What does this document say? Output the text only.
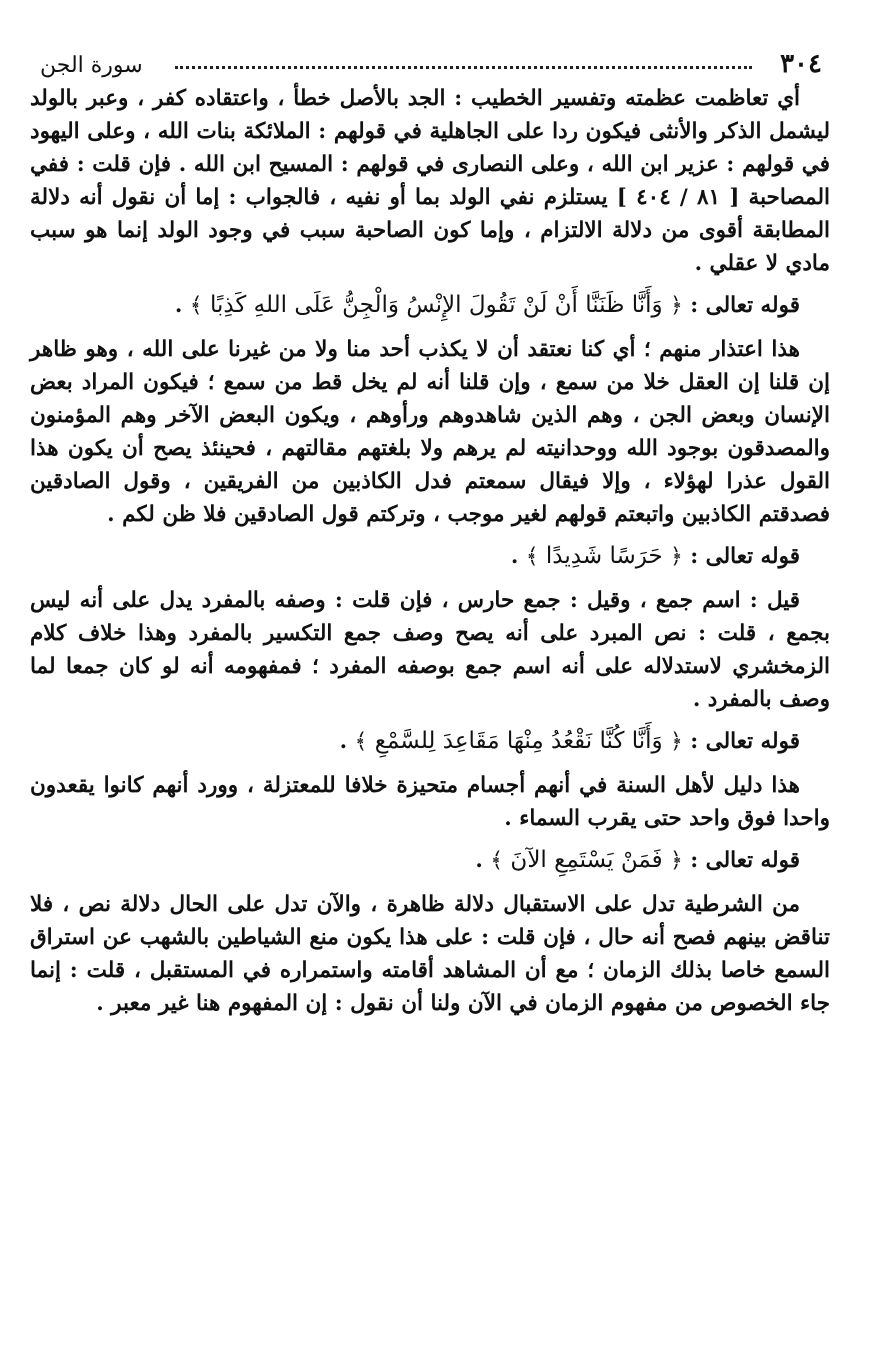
٣٠٤
سورة الجن

أي تعاظمت عظمته وتفسير الخطيب : الجد بالأصل خطأ ، واعتقاده كفر ، وعبر بالولد ليشمل الذكر والأنثى فيكون ردا على الجاهلية في قولهم : الملائكة بنات الله ، وعلى اليهود في قولهم : عزير ابن الله ، وعلى النصارى في قولهم : المسيح ابن الله . فإن قلت : ففي المصاحبة [ ٨١ / ٤٠٤ ] يستلزم نفي الولد بما أو نفيه ، فالجواب : إما أن نقول أنه دلالة المطابقة أقوى من دلالة الالتزام ، وإما كون الصاحبة سبب في وجود الولد إنما هو سبب مادي لا عقلي .

قوله تعالى : ﴿ وَأَنَّا ظَنَنَّا أَنْ لَنْ تَقُولَ الإِنْسُ وَالْجِنُّ عَلَى اللهِ كَذِبًا ﴾ .

هذا اعتذار منهم ؛ أي كنا نعتقد أن لا يكذب أحد منا ولا من غيرنا على الله ، وهو ظاهر إن قلنا إن العقل خلا من سمع ، وإن قلنا أنه لم يخل قط من سمع ؛ فيكون المراد بعض الإنسان وبعض الجن ، وهم الذين شاهدوهم ورأوهم ، ويكون البعض الآخر وهم المؤمنون والمصدقون بوجود الله ووحدانيته لم يرهم ولا بلغتهم مقالتهم ، فحينئذ يصح أن يكون هذا القول عذرا لهؤلاء ، وإلا فيقال سمعتم فدل الكاذبين من الفريقين ، وقول الصادقين فصدقتم الكاذبين واتبعتم قولهم لغير موجب ، وتركتم قول الصادقين فلا ظن لكم .

قوله تعالى : ﴿ حَرَسًا شَدِيدًا ﴾ .

قيل : اسم جمع ، وقيل : جمع حارس ، فإن قلت : وصفه بالمفرد يدل على أنه ليس بجمع ، قلت : نص المبرد على أنه يصح وصف جمع التكسير بالمفرد وهذا خلاف كلام الزمخشري لاستدلاله على أنه اسم جمع بوصفه المفرد ؛ فمفهومه أنه لو كان جمعا لما وصف بالمفرد .

قوله تعالى : ﴿ وَأَنَّا كُنَّا نَقْعُدُ مِنْهَا مَقَاعِدَ لِلسَّمْعِ ﴾ .

هذا دليل لأهل السنة في أنهم أجسام متحيزة خلافا للمعتزلة ، وورد أنهم كانوا يقعدون واحدا فوق واحد حتى يقرب السماء .

قوله تعالى : ﴿ فَمَنْ يَسْتَمِعِ الآنَ ﴾ .

من الشرطية تدل على الاستقبال دلالة ظاهرة ، والآن تدل على الحال دلالة نص ، فلا تناقض بينهم فصح أنه حال ، فإن قلت : على هذا يكون منع الشياطين بالشهب عن استراق السمع خاصا بذلك الزمان ؛ مع أن المشاهد أقامته واستمراره في المستقبل ، قلت : إنما جاء الخصوص من مفهوم الزمان في الآن ولنا أن نقول : إن المفهوم هنا غير معبر .
